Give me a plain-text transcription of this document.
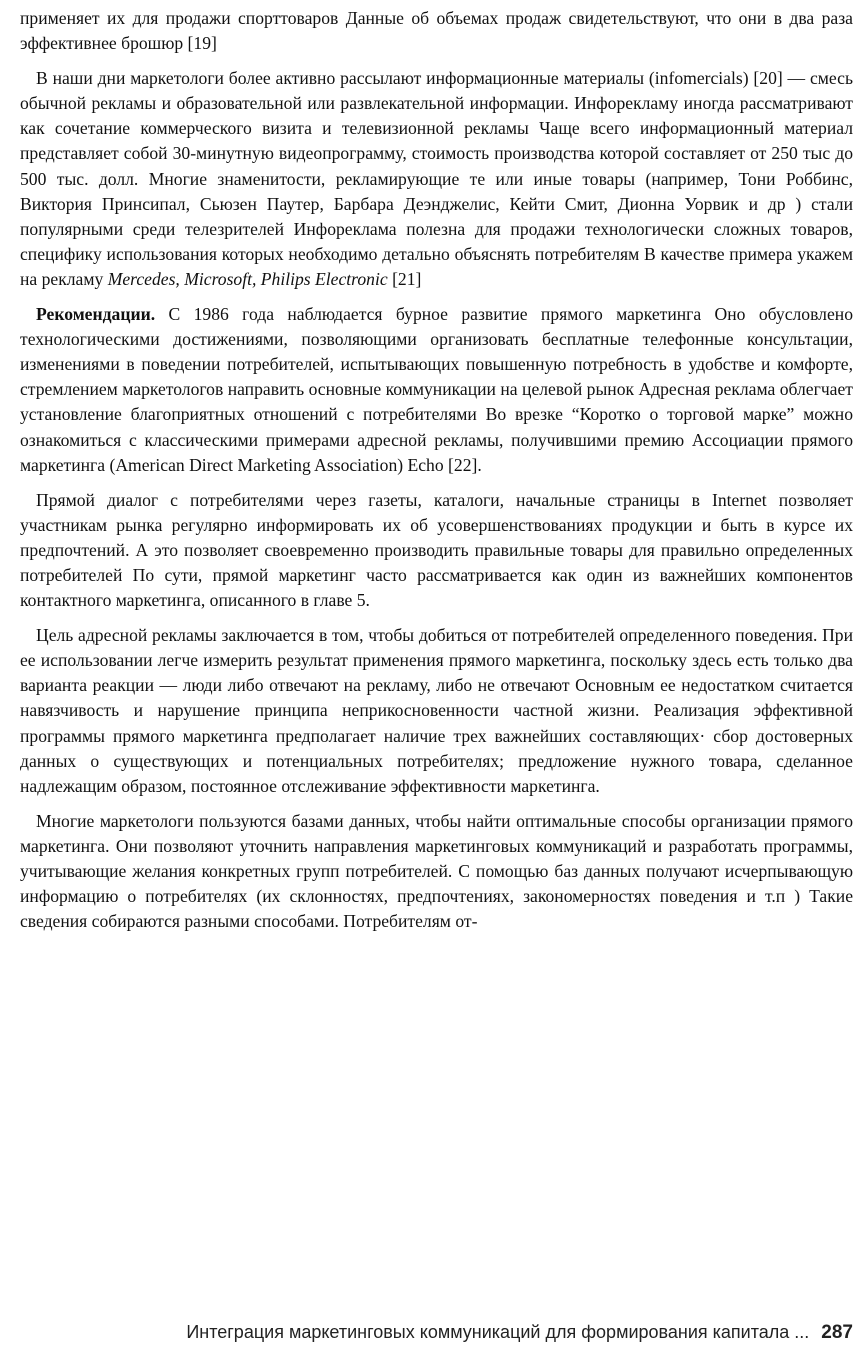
применяет их для продажи спорттоваров Данные об объемах продаж свидетельствуют, что они в два раза эффективнее брошюр [19]

В наши дни маркетологи более активно рассылают информационные материалы (infomercials) [20] — смесь обычной рекламы и образовательной или развлекательной информации. Инфорекламу иногда рассматривают как сочетание коммерческого визита и телевизионной рекламы Чаще всего информационный материал представляет собой 30-минутную видеопрограмму, стоимость производства которой составляет от 250 тыс до 500 тыс. долл. Многие знаменитости, рекламирующие те или иные товары (например, Тони Роббинс, Виктория Принсипал, Сьюзен Паутер, Барбара Деэнджелис, Кейти Смит, Дионна Уорвик и др ) стали популярными среди телезрителей Инфореклама полезна для продажи технологически сложных товаров, специфику использования которых необходимо детально объяснять потребителям В качестве примера укажем на рекламу Mercedes, Microsoft, Philips Electronic [21]

Рекомендации. С 1986 года наблюдается бурное развитие прямого маркетинга Оно обусловлено технологическими достижениями, позволяющими организовать бесплатные телефонные консультации, изменениями в поведении потребителей, испытывающих повышенную потребность в удобстве и комфорте, стремлением маркетологов направить основные коммуникации на целевой рынок Адресная реклама облегчает установление благоприятных отношений с потребителями Во врезке “Коротко о торговой марке” можно ознакомиться с классическими примерами адресной рекламы, получившими премию Ассоциации прямого маркетинга (American Direct Marketing Association) Echo [22].

Прямой диалог с потребителями через газеты, каталоги, начальные страницы в Internet позволяет участникам рынка регулярно информировать их об усовершенствованиях продукции и быть в курсе их предпочтений. А это позволяет своевременно производить правильные товары для правильно определенных потребителей По сути, прямой маркетинг часто рассматривается как один из важнейших компонентов контактного маркетинга, описанного в главе 5.

Цель адресной рекламы заключается в том, чтобы добиться от потребителей определенного поведения. При ее использовании легче измерить результат применения прямого маркетинга, поскольку здесь есть только два варианта реакции — люди либо отвечают на рекламу, либо не отвечают Основным ее недостатком считается навязчивость и нарушение принципа неприкосновенности частной жизни. Реализация эффективной программы прямого маркетинга предполагает наличие трех важнейших составляющих· сбор достоверных данных о существующих и потенциальных потребителях; предложение нужного товара, сделанное надлежащим образом, постоянное отслеживание эффективности маркетинга.

Многие маркетологи пользуются базами данных, чтобы найти оптимальные способы организации прямого маркетинга. Они позволяют уточнить направления маркетинговых коммуникаций и разработать программы, учитывающие желания конкретных групп потребителей. С помощью баз данных получают исчерпывающую информацию о потребителях (их склонностях, предпочтениях, закономерностях поведения и т.п ) Такие сведения собираются разными способами. Потребителям от-

Интеграция маркетинговых коммуникаций для формирования капитала ... 287
